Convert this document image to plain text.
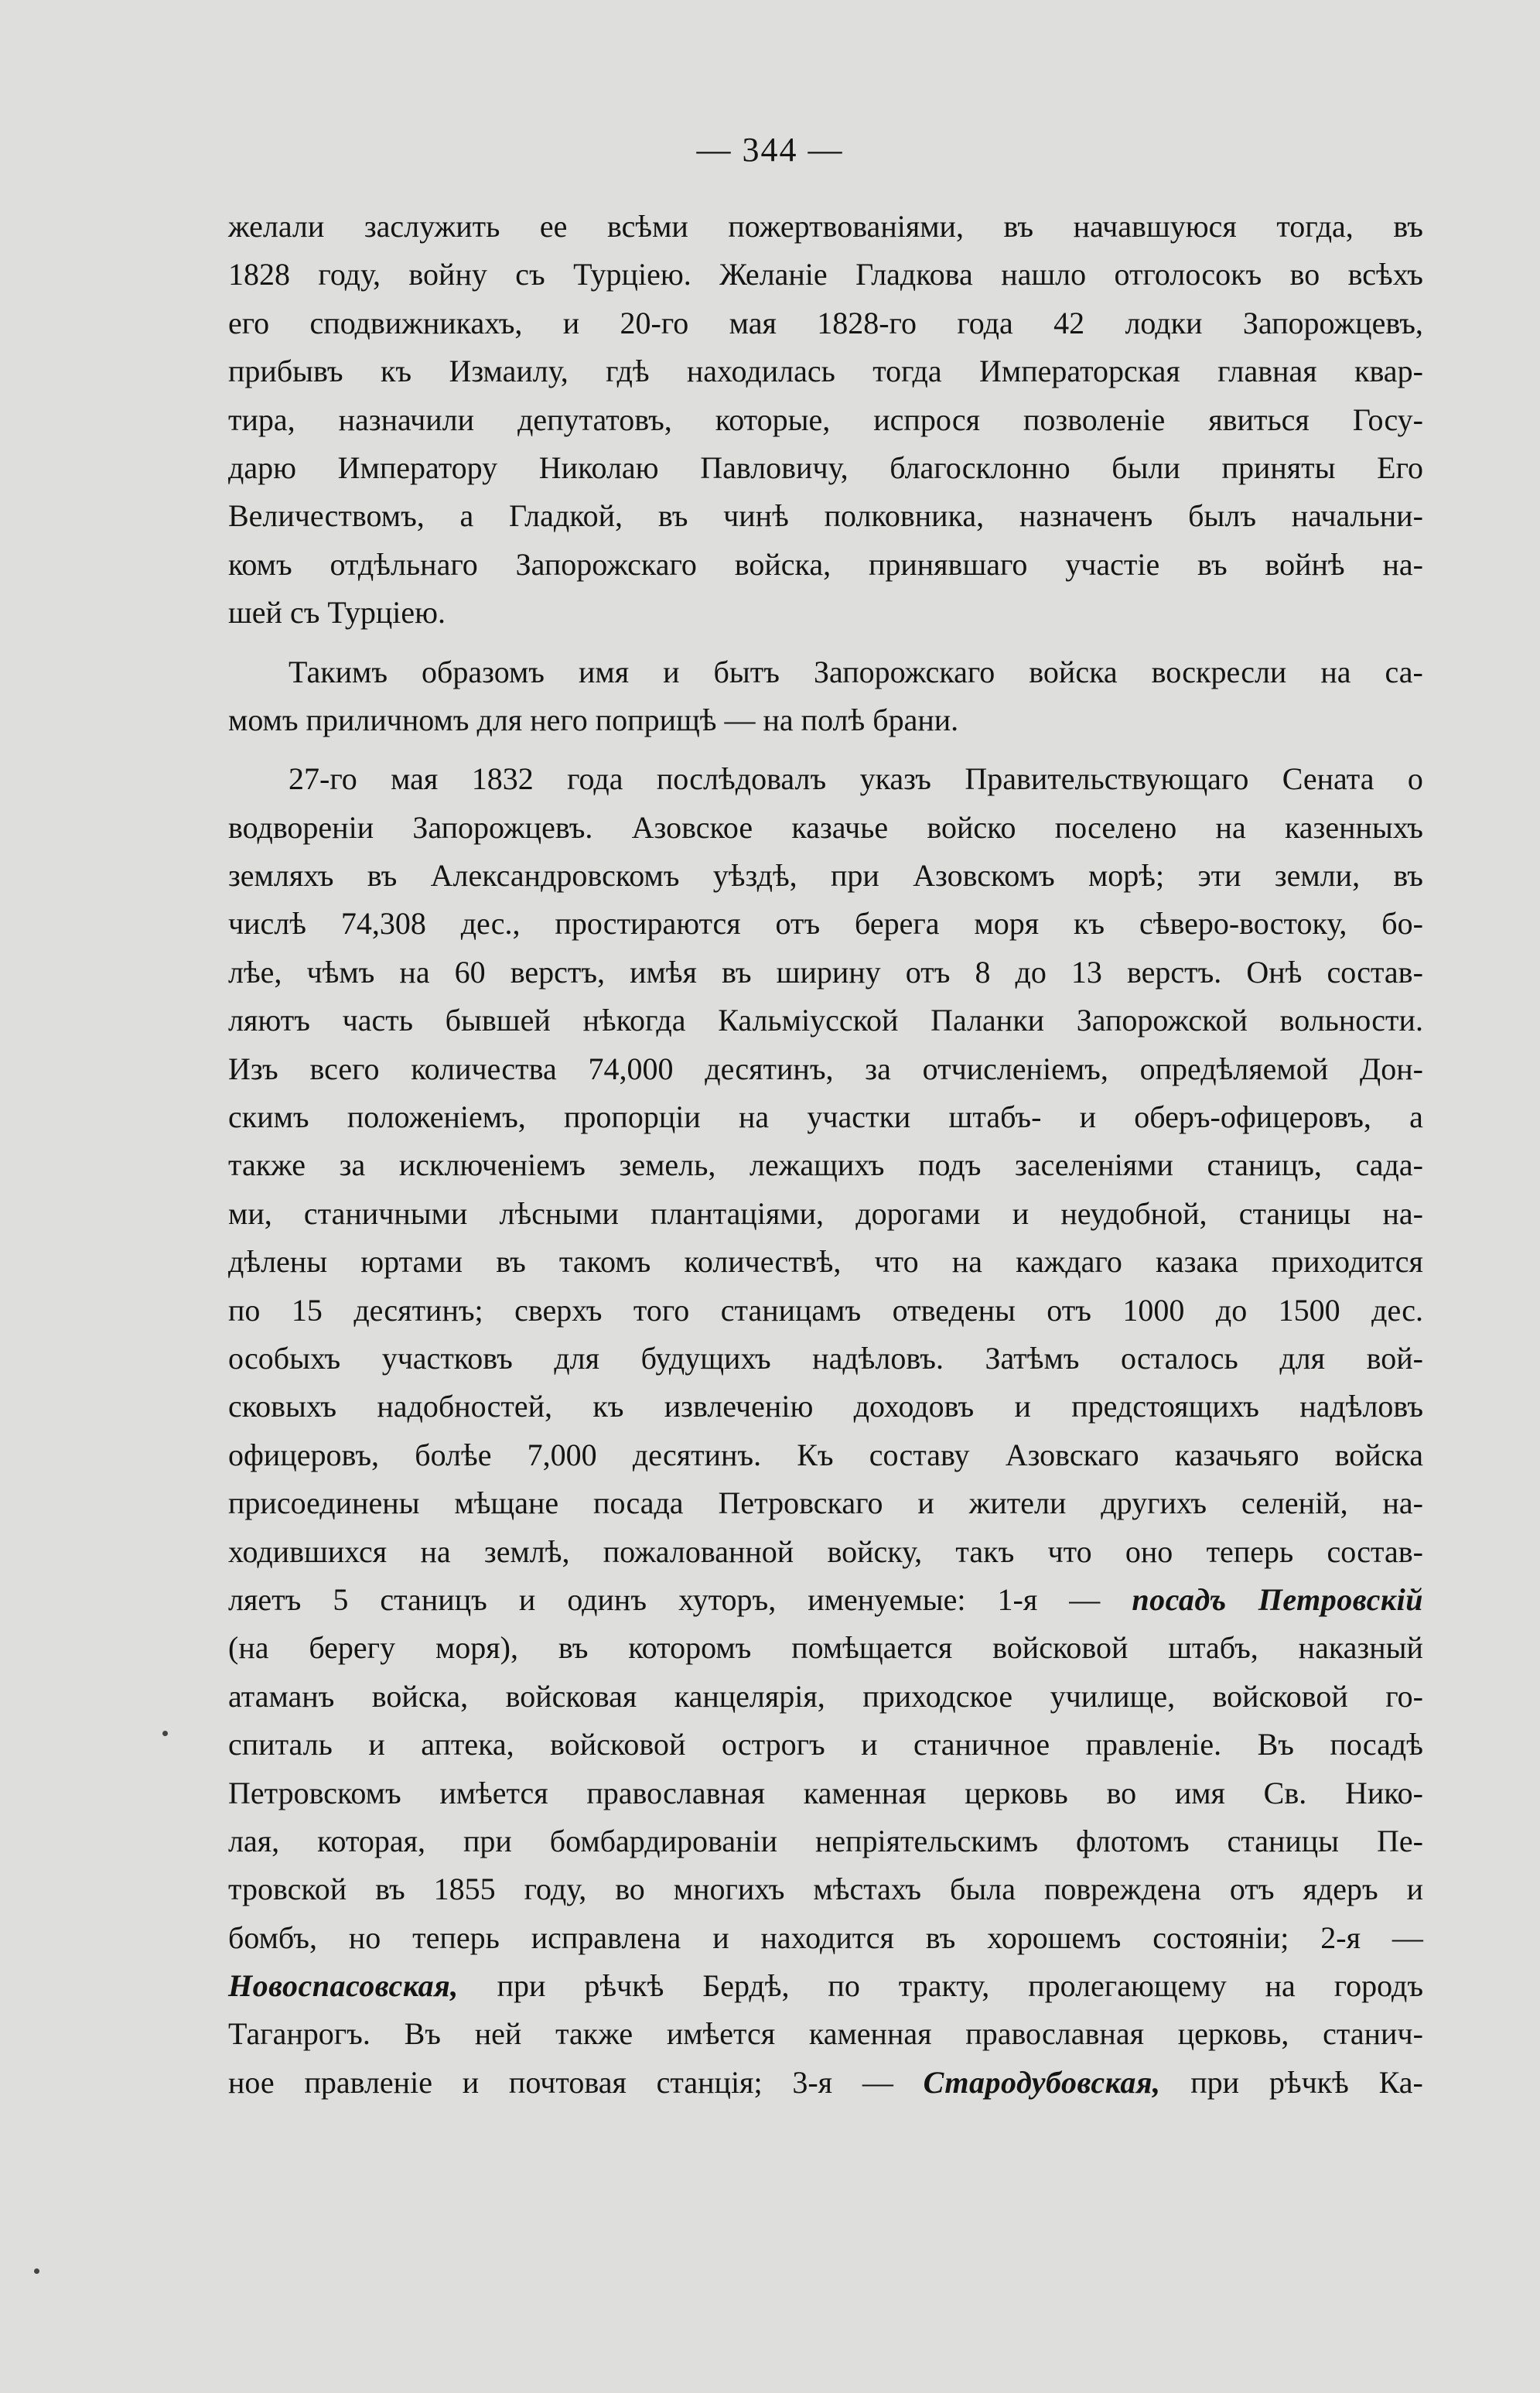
— 344 —
желали заслужить ее всѣми пожертвованіями, въ начавшуюся тогда, въ
1828 году, войну съ Турціею. Желаніе Гладкова нашло отголосокъ во всѣхъ
его сподвижникахъ, и 20-го мая 1828-го года 42 лодки Запорожцевъ,
прибывъ къ Измаилу, гдѣ находилась тогда Императорская главная квар-
тира, назначили депутатовъ, которые, испрося позволеніе явиться Госу-
дарю Императору Николаю Павловичу, благосклонно были приняты Его
Величествомъ, а Гладкой, въ чинѣ полковника, назначенъ былъ начальни-
комъ отдѣльнаго Запорожскаго войска, принявшаго участіе въ войнѣ на-
шей съ Турціею.
Такимъ образомъ имя и бытъ Запорожскаго войска воскресли на са-
момъ приличномъ для него поприщѣ — на полѣ брани.
27-го мая 1832 года послѣдовалъ указъ Правительствующаго Сената о
водвореніи Запорожцевъ. Азовское казачье войско поселено на казенныхъ
земляхъ въ Александровскомъ уѣздѣ, при Азовскомъ морѣ; эти земли, въ
числѣ 74,308 дес., простираются отъ берега моря къ сѣверо-востоку, бо-
лѣе, чѣмъ на 60 верстъ, имѣя въ ширину отъ 8 до 13 верстъ. Онѣ состав-
ляютъ часть бывшей нѣкогда Кальміусской Паланки Запорожской вольности.
Изъ всего количества 74,000 десятинъ, за отчисленіемъ, опредѣляемой Дон-
скимъ положеніемъ, пропорціи на участки штабъ- и оберъ-офицеровъ, а
также за исключеніемъ земель, лежащихъ подъ заселеніями станицъ, сада-
ми, станичными лѣсными плантаціями, дорогами и неудобной, станицы на-
дѣлены юртами въ такомъ количествѣ, что на каждаго казака приходится
по 15 десятинъ; сверхъ того станицамъ отведены отъ 1000 до 1500 дес.
особыхъ участковъ для будущихъ надѣловъ. Затѣмъ осталось для вой-
сковыхъ надобностей, къ извлеченію доходовъ и предстоящихъ надѣловъ
офицеровъ, болѣе 7,000 десятинъ. Къ составу Азовскаго казачьяго войска
присоединены мѣщане посада Петровскаго и жители другихъ селеній, на-
ходившихся на землѣ, пожалованной войску, такъ что оно теперь состав-
ляетъ 5 станицъ и одинъ хуторъ, именуемые: 1-я — посадъ Петровскій
(на берегу моря), въ которомъ помѣщается войсковой штабъ, наказный
атаманъ войска, войсковая канцелярія, приходское училище, войсковой го-
спиталь и аптека, войсковой острогъ и станичное правленіе. Въ посадѣ
Петровскомъ имѣется православная каменная церковь во имя Св. Нико-
лая, которая, при бомбардированіи непріятельскимъ флотомъ станицы Пе-
тровской въ 1855 году, во многихъ мѣстахъ была повреждена отъ ядеръ и
бомбъ, но теперь исправлена и находится въ хорошемъ состояніи; 2-я —
Новоспасовская, при рѣчкѣ Бердѣ, по тракту, пролегающему на городъ
Таганрогъ. Въ ней также имѣется каменная православная церковь, станич-
ное правленіе и почтовая станція; 3-я — Стародубовская, при рѣчкѣ Ка-
